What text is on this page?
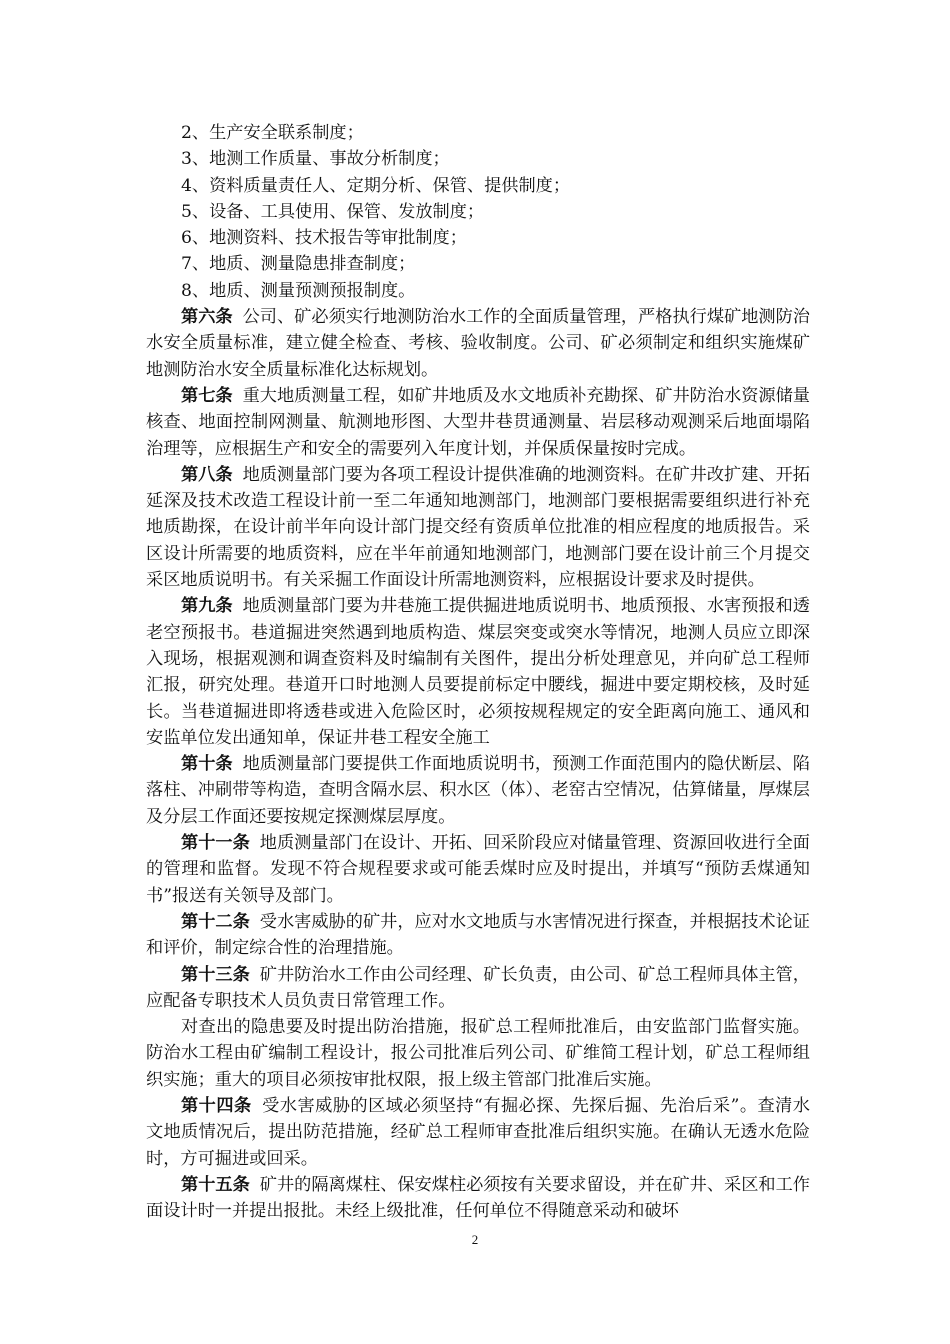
2、生产安全联系制度；

3、地测工作质量、事故分析制度；

4、资料质量责任人、定期分析、保管、提供制度；

5、设备、工具使用、保管、发放制度；

6、地测资料、技术报告等审批制度；

7、地质、测量隐患排查制度；

8、地质、测量预测预报制度。

第六条 公司、矿必须实行地测防治水工作的全面质量管理，严格执行煤矿地测防治水安全质量标准，建立健全检查、考核、验收制度。公司、矿必须制定和组织实施煤矿地测防治水安全质量标准化达标规划。

第七条 重大地质测量工程，如矿井地质及水文地质补充勘探、矿井防治水资源储量核查、地面控制网测量、航测地形图、大型井巷贯通测量、岩层移动观测采后地面塌陷治理等，应根据生产和安全的需要列入年度计划，并保质保量按时完成。

第八条 地质测量部门要为各项工程设计提供准确的地测资料。在矿井改扩建、开拓延深及技术改造工程设计前一至二年通知地测部门，地测部门要根据需要组织进行补充地质勘探，在设计前半年向设计部门提交经有资质单位批准的相应程度的地质报告。采区设计所需要的地质资料，应在半年前通知地测部门，地测部门要在设计前三个月提交采区地质说明书。有关采掘工作面设计所需地测资料，应根据设计要求及时提供。

第九条 地质测量部门要为井巷施工提供掘进地质说明书、地质预报、水害预报和透老空预报书。巷道掘进突然遇到地质构造、煤层突变或突水等情况，地测人员应立即深入现场，根据观测和调查资料及时编制有关图件，提出分析处理意见，并向矿总工程师汇报，研究处理。巷道开口时地测人员要提前标定中腰线，掘进中要定期校核，及时延长。当巷道掘进即将透巷或进入危险区时，必须按规程规定的安全距离向施工、通风和安监单位发出通知单，保证井巷工程安全施工

第十条 地质测量部门要提供工作面地质说明书，预测工作面范围内的隐伏断层、陷落柱、冲刷带等构造，查明含隔水层、积水区（体）、老窑古空情况，估算储量，厚煤层及分层工作面还要按规定探测煤层厚度。

第十一条 地质测量部门在设计、开拓、回采阶段应对储量管理、资源回收进行全面的管理和监督。发现不符合规程要求或可能丢煤时应及时提出，并填写“预防丢煤通知书”报送有关领导及部门。

第十二条 受水害威胁的矿井，应对水文地质与水害情况进行探查，并根据技术论证和评价，制定综合性的治理措施。

第十三条 矿井防治水工作由公司经理、矿长负责，由公司、矿总工程师具体主管，应配备专职技术人员负责日常管理工作。

对查出的隐患要及时提出防治措施，报矿总工程师批准后，由安监部门监督实施。防治水工程由矿编制工程设计，报公司批准后列公司、矿维简工程计划，矿总工程师组织实施；重大的项目必须按审批权限，报上级主管部门批准后实施。

第十四条 受水害威胁的区域必须坚持“有掘必探、先探后掘、先治后采”。查清水文地质情况后，提出防范措施，经矿总工程师审查批准后组织实施。在确认无透水危险时，方可掘进或回采。

第十五条 矿井的隔离煤柱、保安煤柱必须按有关要求留设，并在矿井、采区和工作面设计时一并提出报批。未经上级批准，任何单位不得随意采动和破坏

2
